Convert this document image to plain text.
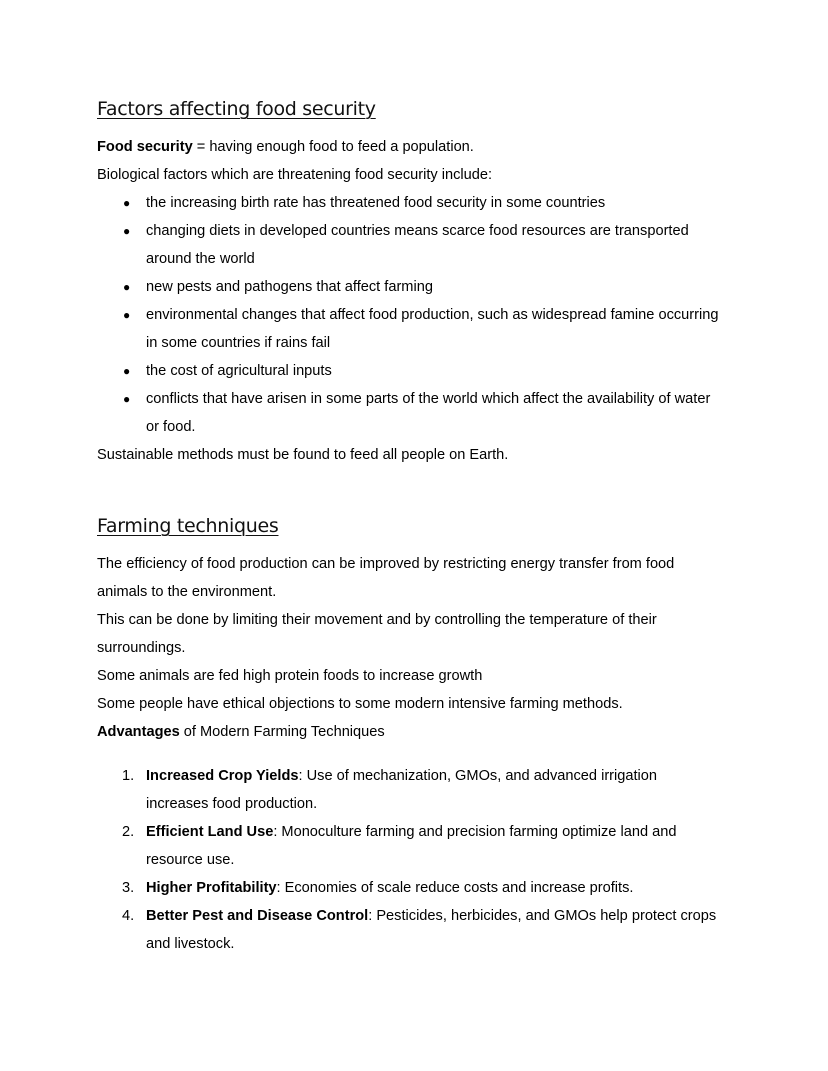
Factors affecting food security
Food security = having enough food to feed a population.
Biological factors which are threatening food security include:
● the increasing birth rate has threatened food security in some countries
● changing diets in developed countries means scarce food resources are transported
around the world
● new pests and pathogens that affect farming
● environmental changes that affect food production, such as widespread famine occurring
in some countries if rains fail
● the cost of agricultural inputs
● conflicts that have arisen in some parts of the world which affect the availability of water
or food.
Sustainable methods must be found to feed all people on Earth.
Farming techniques
The efficiency of food production can be improved by restricting energy transfer from food
animals to the environment.
This can be done by limiting their movement and by controlling the temperature of their
surroundings.
Some animals are fed high protein foods to increase growth
Some people have ethical objections to some modern intensive farming methods.
Advantages of Modern Farming Techniques
1. Increased Crop Yields: Use of mechanization, GMOs, and advanced irrigation
increases food production.
2. Efficient Land Use: Monoculture farming and precision farming optimize land and
resource use.
3. Higher Profitability: Economies of scale reduce costs and increase profits.
4. Better Pest and Disease Control: Pesticides, herbicides, and GMOs help protect crops
and livestock.
